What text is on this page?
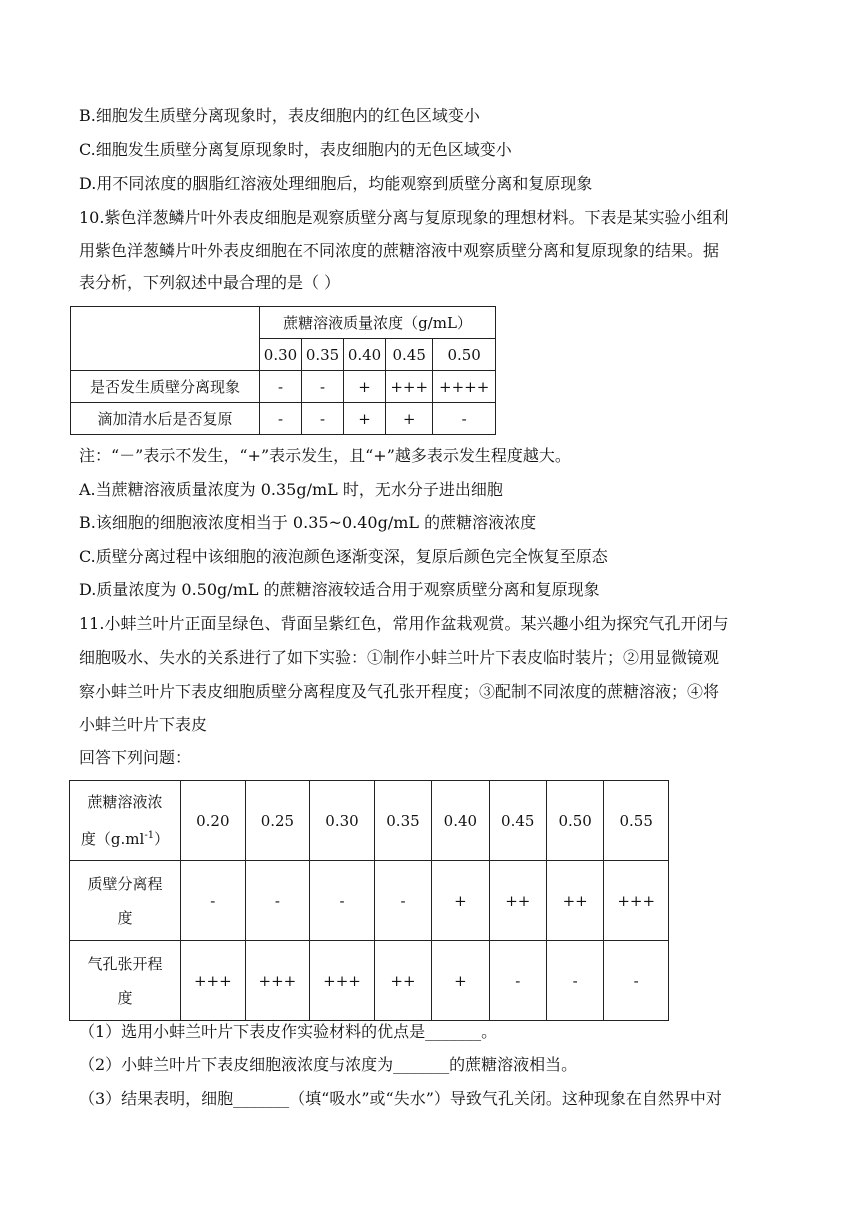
B.细胞发生质壁分离现象时，表皮细胞内的红色区域变小
C.细胞发生质壁分离复原现象时，表皮细胞内的无色区域变小
D.用不同浓度的胭脂红溶液处理细胞后，均能观察到质壁分离和复原现象
10.紫色洋葱鳞片叶外表皮细胞是观察质壁分离与复原现象的理想材料。下表是某实验小组利
用紫色洋葱鳞片叶外表皮细胞在不同浓度的蔗糖溶液中观察质壁分离和复原现象的结果。据
表分析，下列叙述中最合理的是（ ）
	蔗糖溶液质量浓度（g/mL）				
	0.30	0.35	0.40	0.45	0.50
是否发生质壁分离现象	-	-	+	+++	++++
滴加清水后是否复原	-	-	+	+	-
注：“－”表示不发生，“+”表示发生，且“+”越多表示发生程度越大。
A.当蔗糖溶液质量浓度为 0.35g/mL 时，无水分子进出细胞
B.该细胞的细胞液浓度相当于 0.35~0.40g/mL 的蔗糖溶液浓度
C.质壁分离过程中该细胞的液泡颜色逐渐变深，复原后颜色完全恢复至原态
D.质量浓度为 0.50g/mL 的蔗糖溶液较适合用于观察质壁分离和复原现象
11.小蚌兰叶片正面呈绿色、背面呈紫红色，常用作盆栽观赏。某兴趣小组为探究气孔开闭与
细胞吸水、失水的关系进行了如下实验：①制作小蚌兰叶片下表皮临时装片；②用显微镜观
察小蚌兰叶片下表皮细胞质壁分离程度及气孔张开程度；③配制不同浓度的蔗糖溶液；④将
小蚌兰叶片下表皮
回答下列问题：
蔗糖溶液浓
度$(g.ml^{-1})$	0.20	0.25	0.30	0.35	0.40	0.45	0.50	0.55

质壁分离程
度	-	-	-	-	+	++	++	+++

气孔张开程
度	+++	+++	+++	++	+	-	-	-
（1）选用小蚌兰叶片下表皮作实验材料的优点是_______。
（2）小蚌兰叶片下表皮细胞液浓度与浓度为_______的蔗糖溶液相当。
（3）结果表明，细胞_______（填“吸水”或“失水”）导致气孔关闭。这种现象在自然界中对
